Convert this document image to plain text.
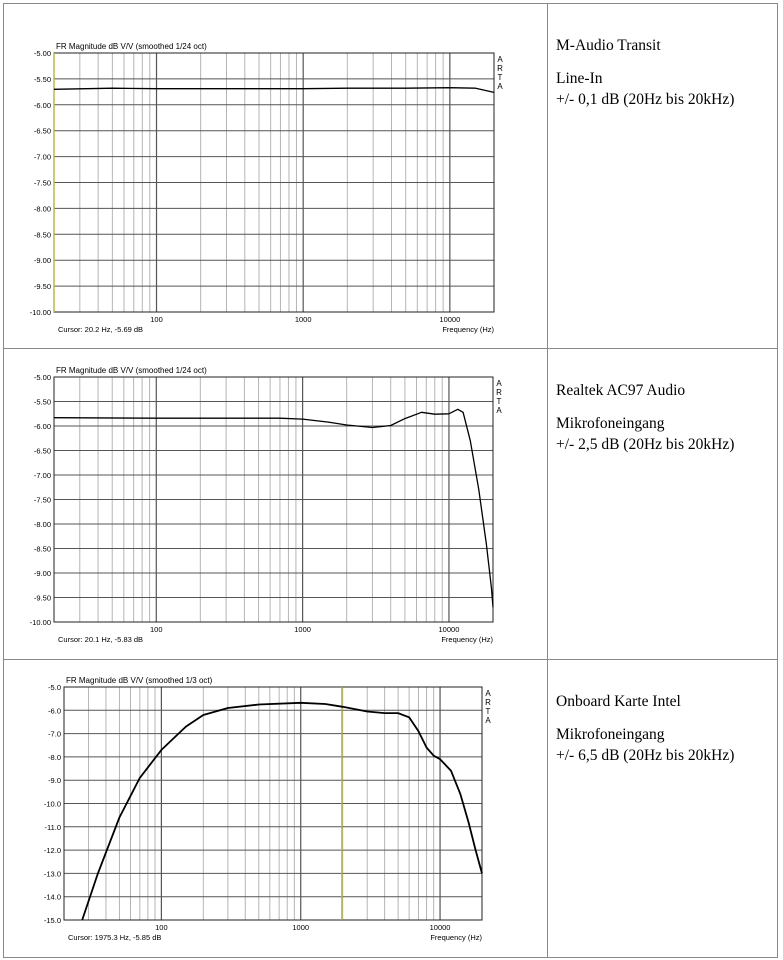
-5.00
-5.50
-6.00
-6.50
-7.00
-7.50
-8.00
-8.50
-9.00
-9.50
-10.00
100	1000	10000
FR Magnitude dB V/V (smoothed 1/24 oct)
Cursor: 20.2 Hz, -5.69 dB	Frequency (Hz)
A
R
T
A

M-Audio Transit

Line-In

+/- 0,1 dB (20Hz bis 20kHz)

-5.00
-5.50
-6.00
-6.50
-7.00
-7.50
-8.00
-8.50
-9.00
-9.50
-10.00
100	1000	10000
FR Magnitude dB V/V (smoothed 1/24 oct)
Cursor: 20.1 Hz, -5.83 dB	Frequency (Hz)
A
R
T
A

Realtek AC97 Audio

Mikrofoneingang

+/- 2,5 dB (20Hz bis 20kHz)

-5.0
-6.0
-7.0
-8.0
-9.0
-10.0
-11.0
-12.0
-13.0
-14.0
-15.0
100	1000	10000
FR Magnitude dB V/V (smoothed 1/3 oct)
Cursor: 1975.3 Hz, -5.85 dB	Frequency (Hz)
A
R
T
A

Onboard Karte Intel

Mikrofoneingang

+/- 6,5 dB (20Hz bis 20kHz)
